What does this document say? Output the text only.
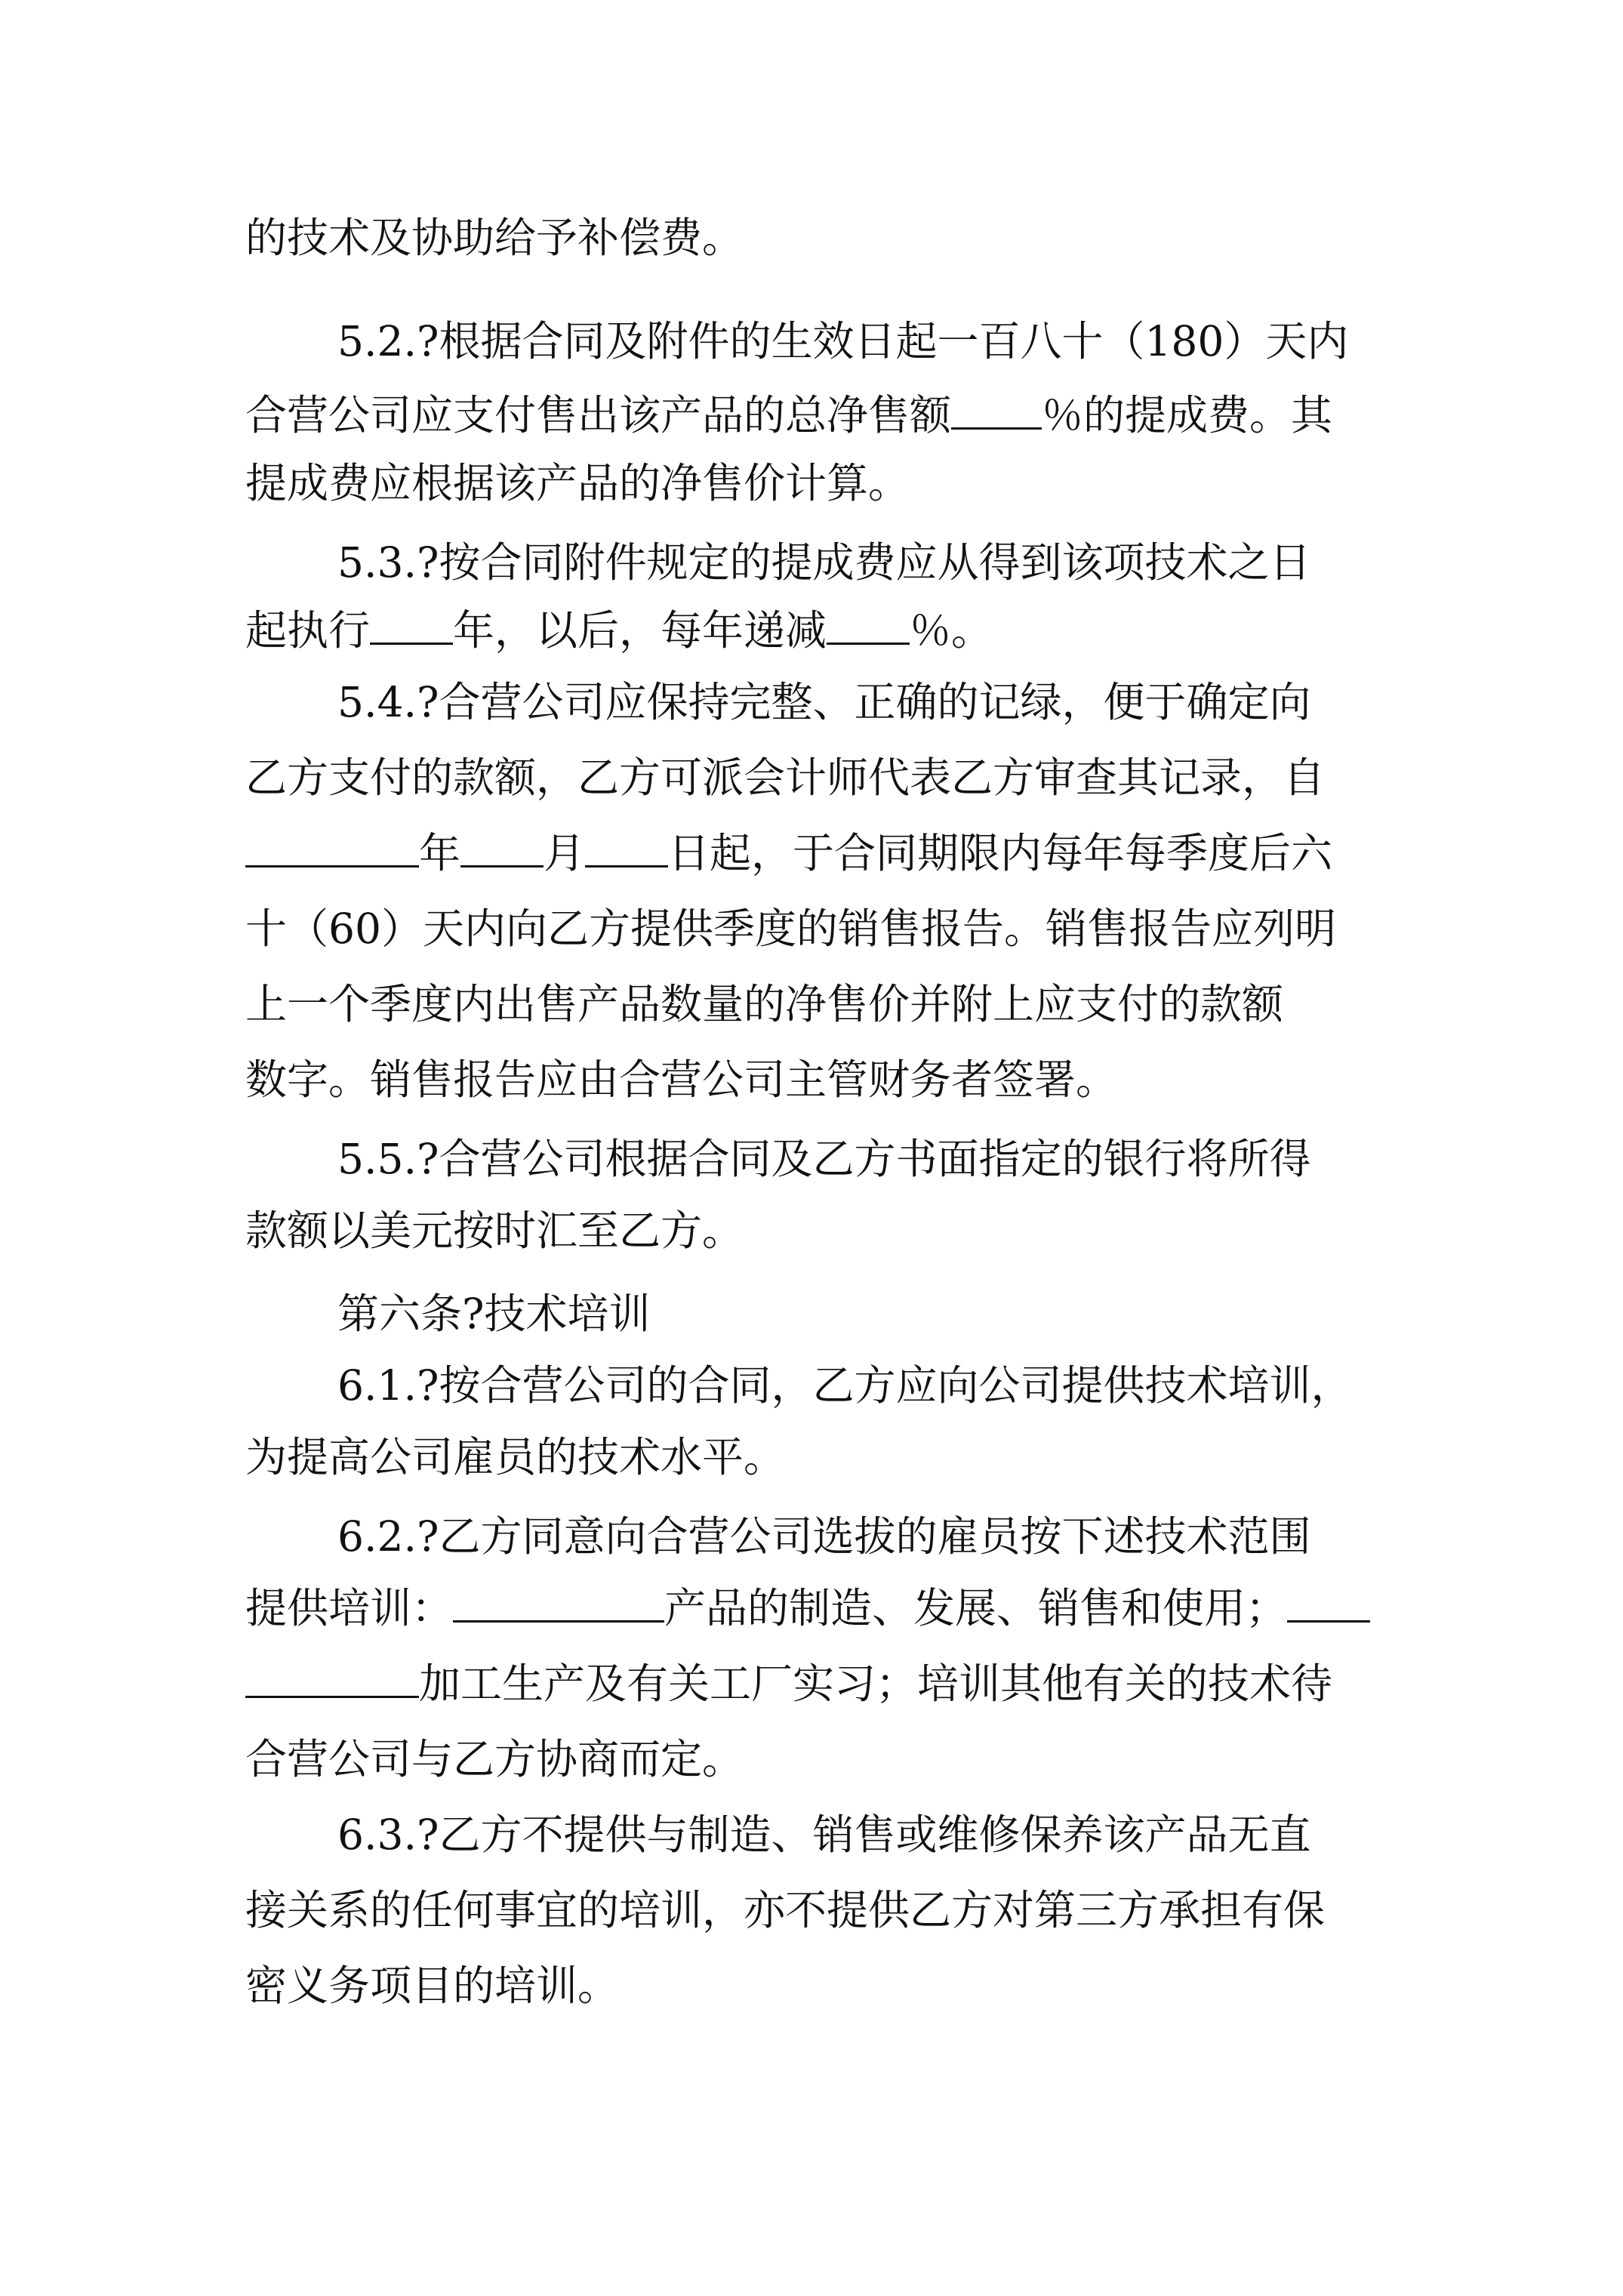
的技术及协助给予补偿费。
5.2.?根据合同及附件的生效日起一百八十（180）天内
合营公司应支付售出该产品的总净售额 ％的提成费。其
提成费应根据该产品的净售价计算。
5.3.?按合同附件规定的提成费应从得到该项技术之日
起执行 年，以后，每年递减 ％。
5.4.?合营公司应保持完整、正确的记绿，便于确定向
乙方支付的款额，乙方可派会计师代表乙方审查其记录，自
年 月 日起，于合同期限内每年每季度后六
十（60）天内向乙方提供季度的销售报告。销售报告应列明
上一个季度内出售产品数量的净售价并附上应支付的款额
数字。销售报告应由合营公司主管财务者签署。
5.5.?合营公司根据合同及乙方书面指定的银行将所得
款额以美元按时汇至乙方。
第六条?技术培训
6.1.?按合营公司的合同，乙方应向公司提供技术培训，
为提高公司雇员的技术水平。
6.2.?乙方同意向合营公司选拔的雇员按下述技术范围
提供培训：	产品的制造、发展、销售和使用；
加工生产及有关工厂实习；培训其他有关的技术待
合营公司与乙方协商而定。
6.3.?乙方不提供与制造、销售或维修保养该产品无直
接关系的任何事宜的培训，亦不提供乙方对第三方承担有保
密义务项目的培训。
